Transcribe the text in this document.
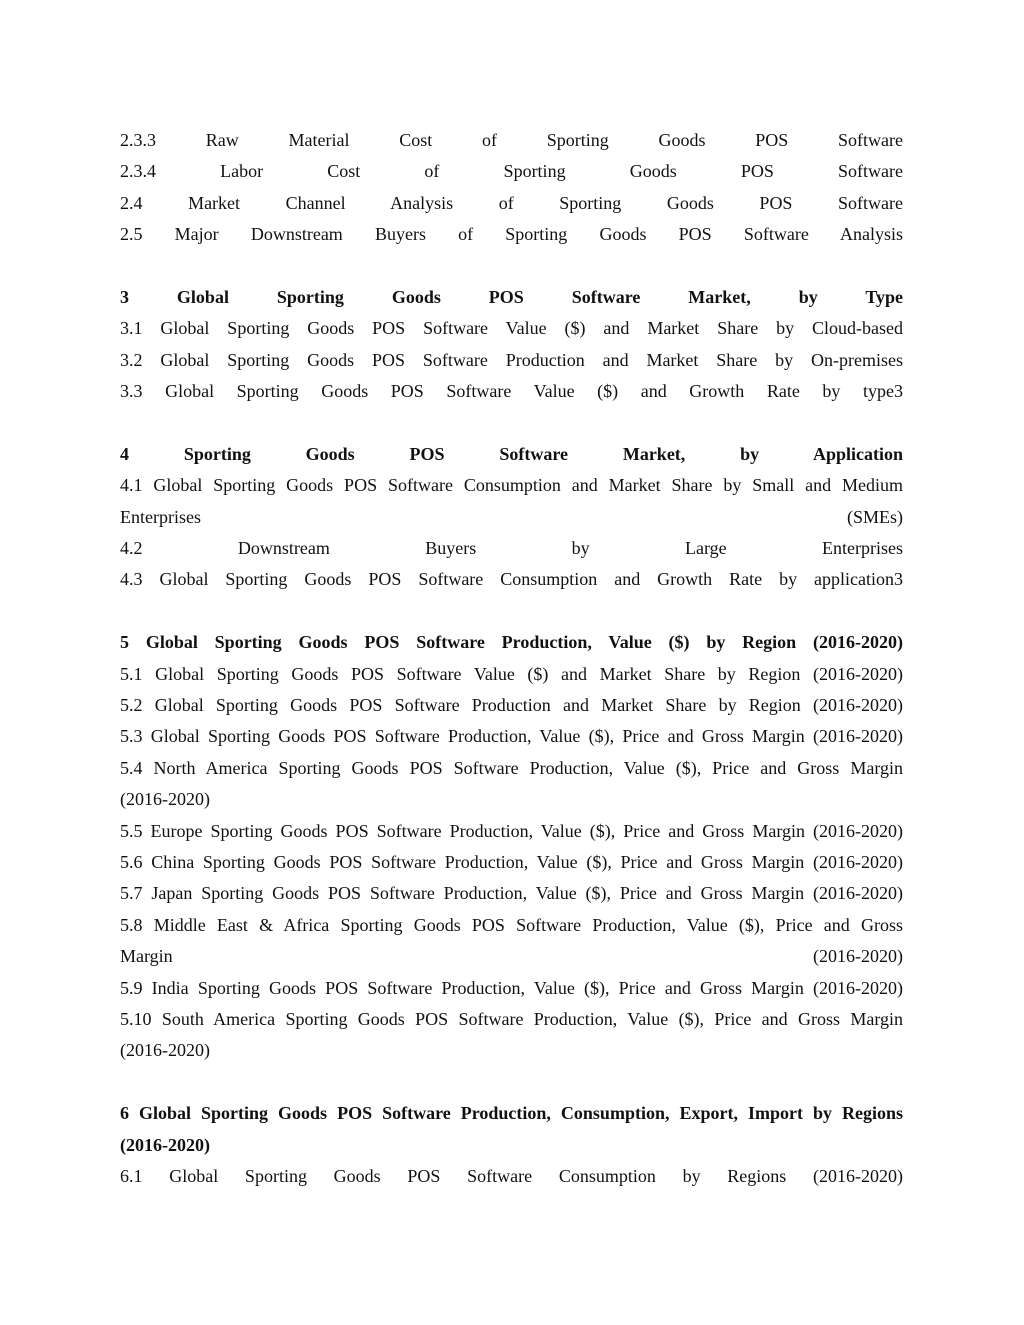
2.3.3 Raw Material Cost of Sporting Goods POS Software
2.3.4 Labor Cost of Sporting Goods POS Software
2.4 Market Channel Analysis of Sporting Goods POS Software
2.5 Major Downstream Buyers of Sporting Goods POS Software Analysis
3 Global Sporting Goods POS Software Market, by Type
3.1 Global Sporting Goods POS Software Value ($) and Market Share by Cloud-based
3.2 Global Sporting Goods POS Software Production and Market Share by On-premises
3.3 Global Sporting Goods POS Software Value ($) and Growth Rate by type3
4 Sporting Goods POS Software Market, by Application
4.1 Global Sporting Goods POS Software Consumption and Market Share by Small and Medium
Enterprises (SMEs)
4.2 Downstream Buyers by Large Enterprises
4.3 Global Sporting Goods POS Software Consumption and Growth Rate by application3
5 Global Sporting Goods POS Software Production, Value ($) by Region (2016-2020)
5.1 Global Sporting Goods POS Software Value ($) and Market Share by Region (2016-2020)
5.2 Global Sporting Goods POS Software Production and Market Share by Region (2016-2020)
5.3 Global Sporting Goods POS Software Production, Value ($), Price and Gross Margin (2016-2020)
5.4 North America Sporting Goods POS Software Production, Value ($), Price and Gross Margin
(2016-2020)
5.5 Europe Sporting Goods POS Software Production, Value ($), Price and Gross Margin (2016-2020)
5.6 China Sporting Goods POS Software Production, Value ($), Price and Gross Margin (2016-2020)
5.7 Japan Sporting Goods POS Software Production, Value ($), Price and Gross Margin (2016-2020)
5.8 Middle East & Africa Sporting Goods POS Software Production, Value ($), Price and Gross
Margin (2016-2020)
5.9 India Sporting Goods POS Software Production, Value ($), Price and Gross Margin (2016-2020)
5.10 South America Sporting Goods POS Software Production, Value ($), Price and Gross Margin
(2016-2020)
6 Global Sporting Goods POS Software Production, Consumption, Export, Import by Regions
(2016-2020)
6.1 Global Sporting Goods POS Software Consumption by Regions (2016-2020)
